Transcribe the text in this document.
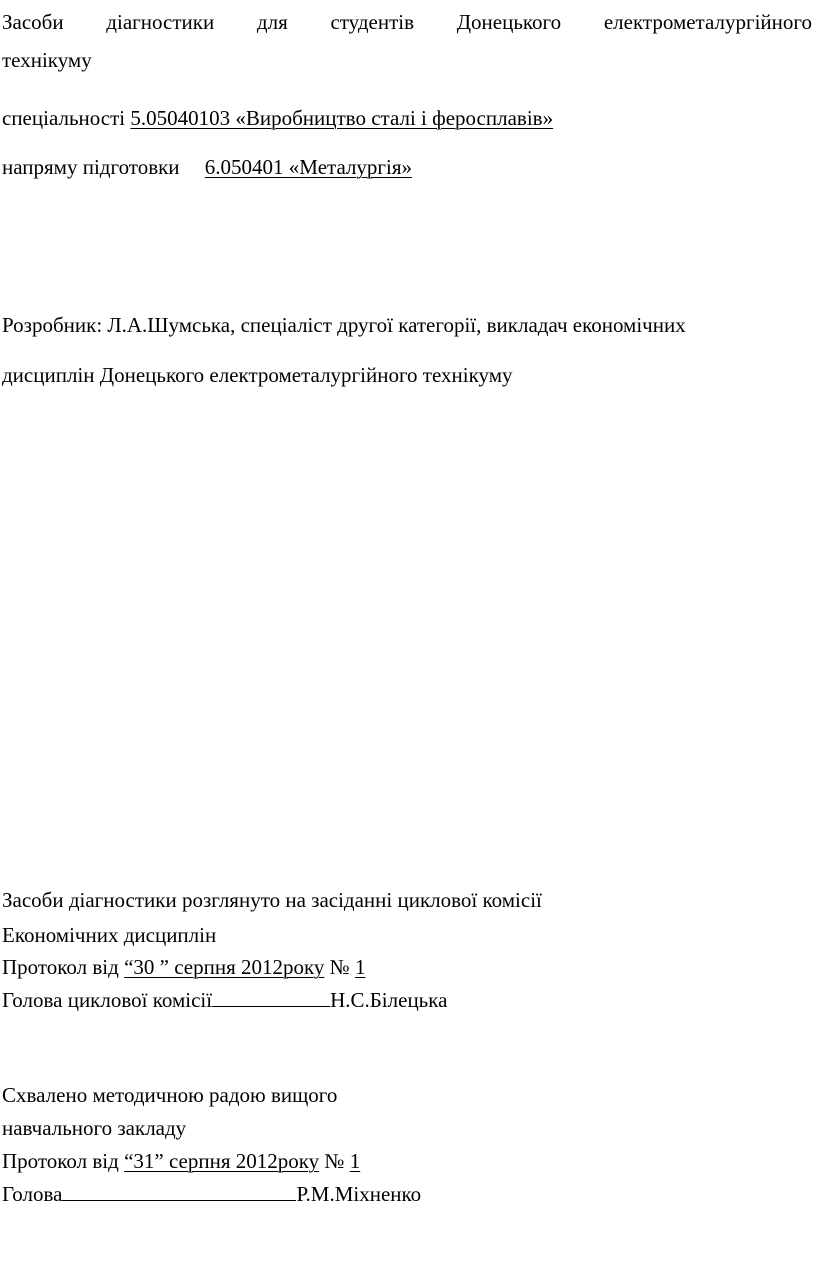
Засоби діагностики для студентів Донецького електрометалургійного
технікуму
спеціальності 5.05040103 «Виробництво сталі і феросплавів»
напряму підготовки 6.050401 «Металургія»
Розробник: Л.А.Шумська, спеціаліст другої категорії, викладач економічних
дисциплін Донецького електрометалургійного технікуму
Засоби діагностики розглянуто на засіданні циклової комісії
Економічних дисциплін
Протокол від “30 ” серпня 2012року № 1
Голова циклової комісії	Н.С.Білецька
Схвалено методичною радою вищого
навчального закладу
Протокол від “31” серпня 2012року № 1
Голова	Р.М.Міхненко
